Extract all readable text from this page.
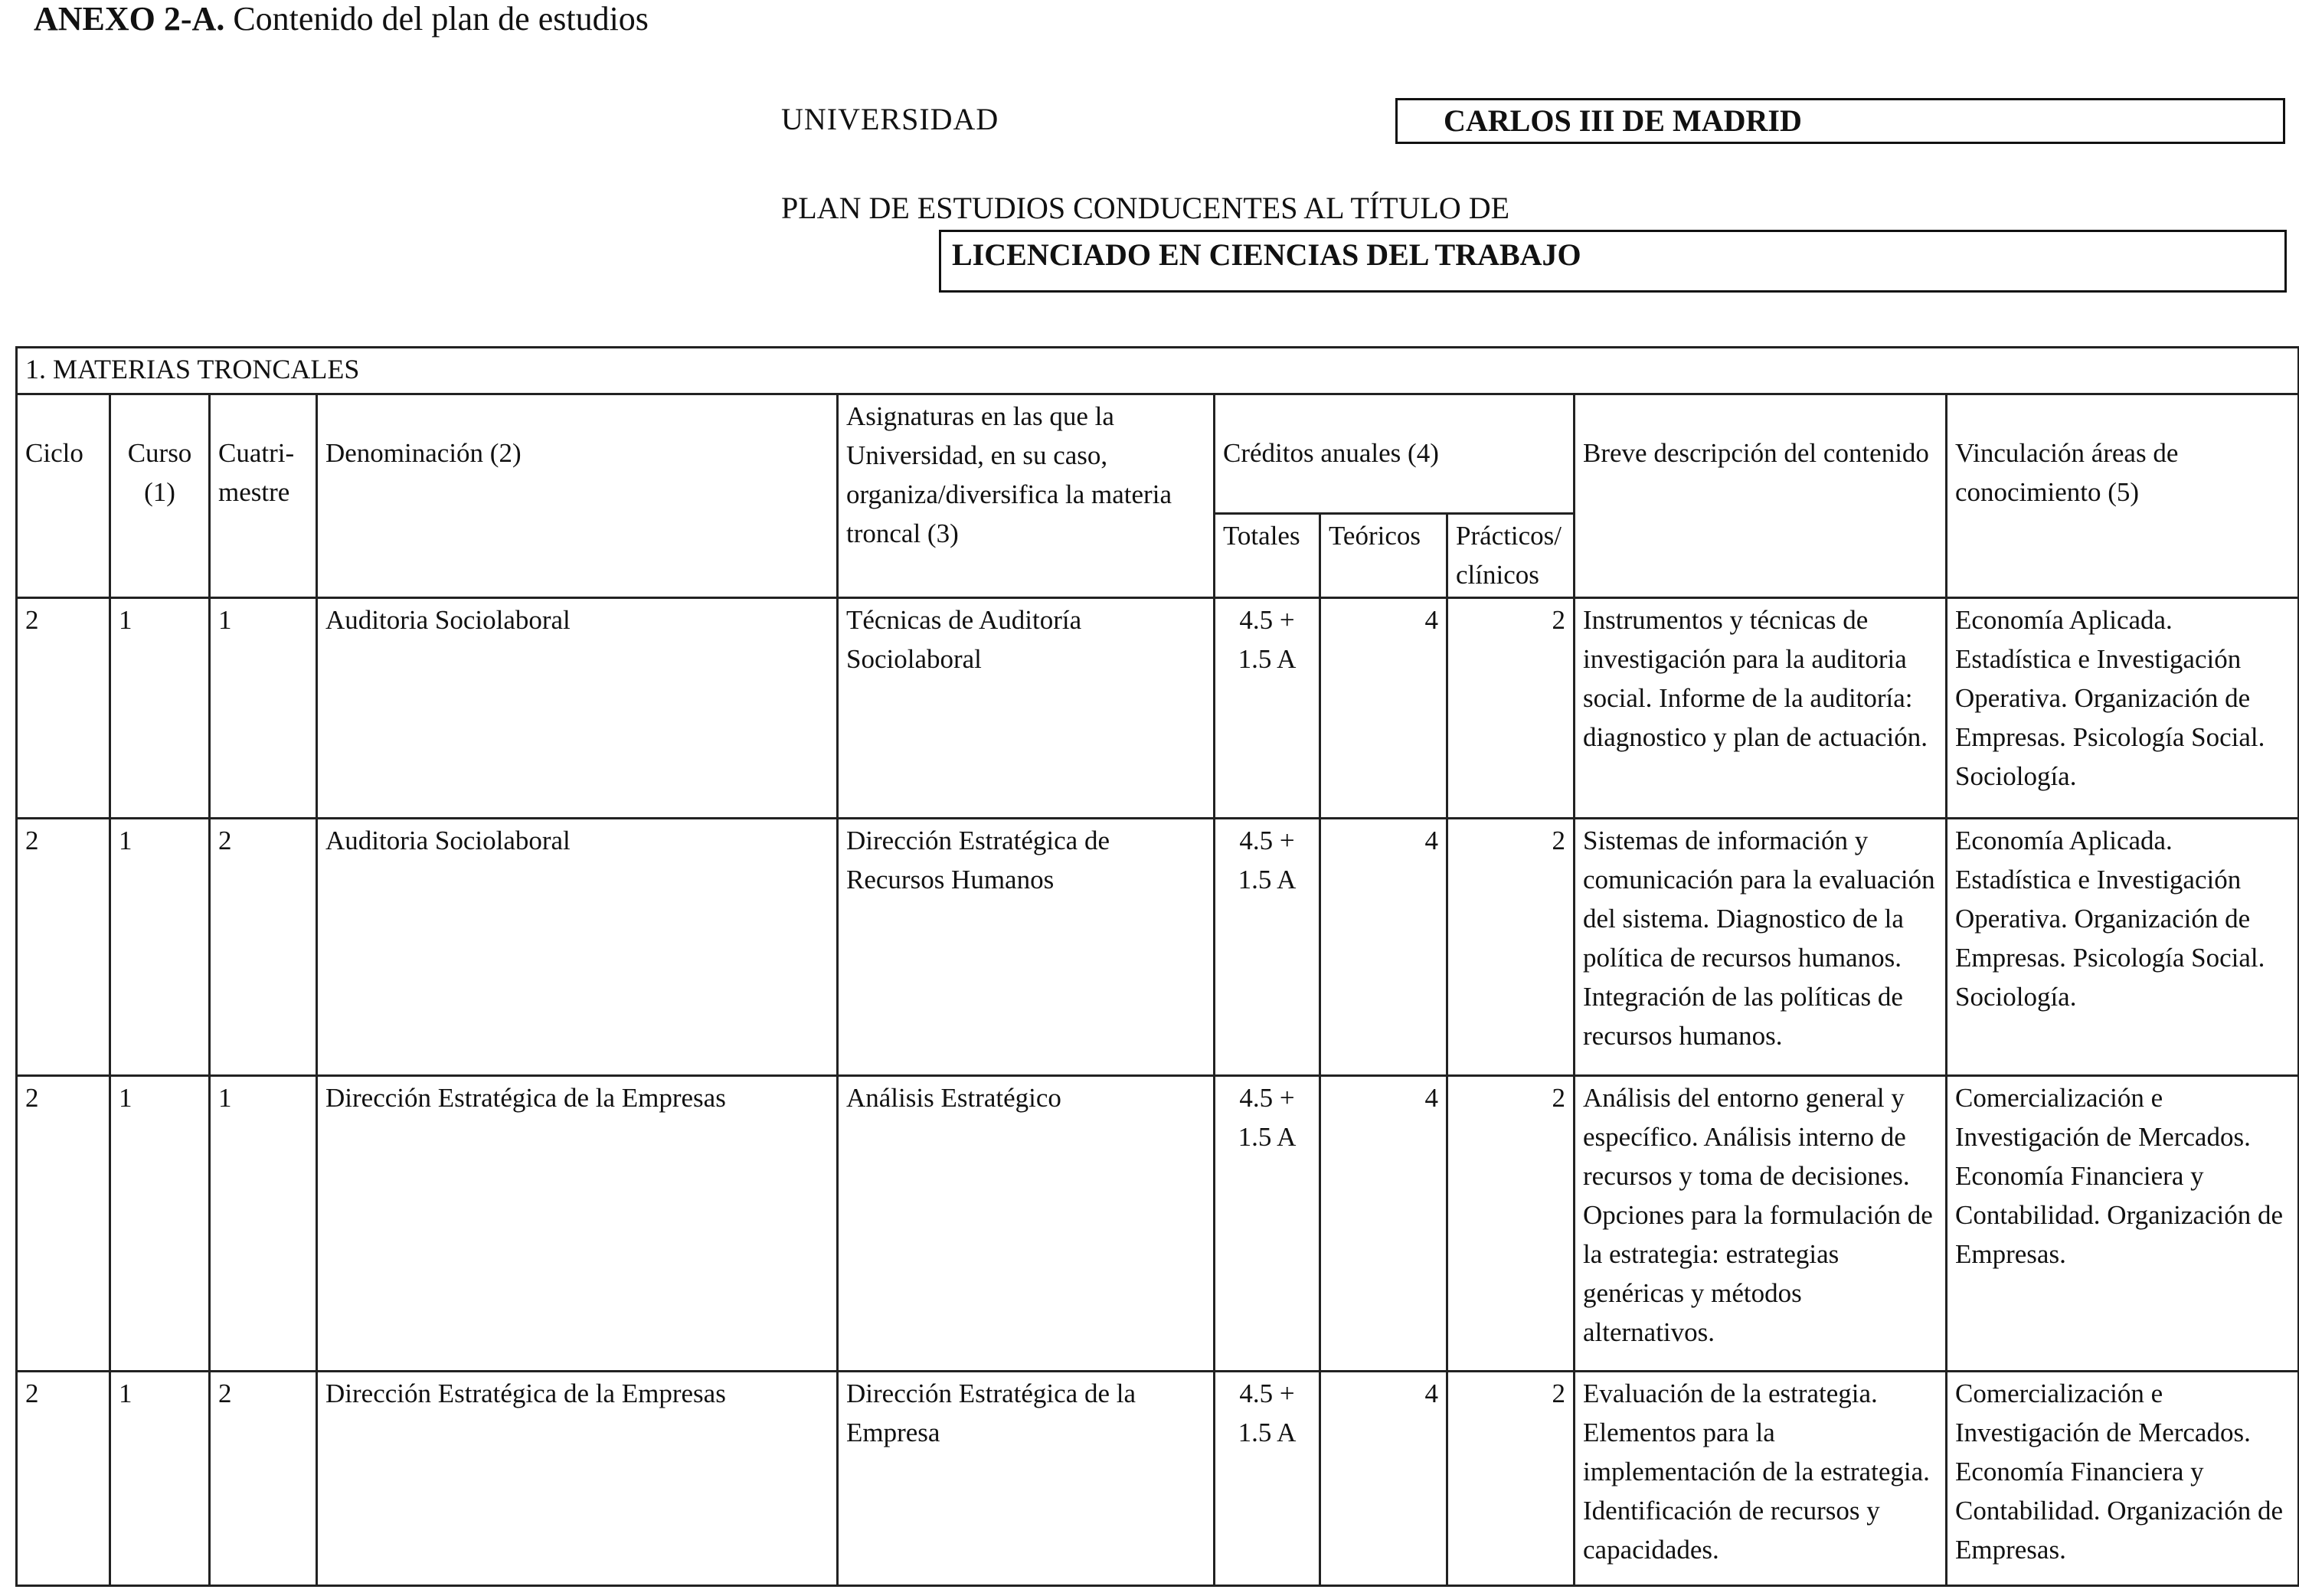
ANEXO 2-A. Contenido del plan de estudios
UNIVERSIDAD	CARLOS III DE MADRID
PLAN DE ESTUDIOS CONDUCENTES AL TÍTULO DE
LICENCIADO EN CIENCIAS DEL TRABAJO
1. MATERIAS TRONCALES									
Ciclo	Curso (1)	Cuatri- mestre	Denominación (2)	Asignaturas en las que la Universidad, en su caso, organiza/diversifica la materia troncal (3)	Créditos anuales (4)			Breve descripción del contenido	Vinculación áreas de conocimiento (5)
					Totales	Teóricos	Prácticos/ clínicos		
2	1	1	Auditoria Sociolaboral	Técnicas de Auditoría Sociolaboral	4.5 + 1.5 A	4	2	Instrumentos y técnicas de investigación para la auditoria social. Informe de la auditoría: diagnostico y plan de actuación.	Economía Aplicada. Estadística e Investigación Operativa. Organización de Empresas. Psicología Social. Sociología.
2	1	2	Auditoria Sociolaboral	Dirección Estratégica de Recursos Humanos	4.5 + 1.5 A	4	2	Sistemas de información y comunicación para la evaluación del sistema. Diagnostico de la política de recursos humanos. Integración de las políticas de recursos humanos.	Economía Aplicada. Estadística e Investigación Operativa. Organización de Empresas. Psicología Social. Sociología.
2	1	1	Dirección Estratégica de la Empresas	Análisis Estratégico	4.5 + 1.5 A	4	2	Análisis del entorno general y específico. Análisis interno de recursos y toma de decisiones. Opciones para la formulación de la estrategia: estrategias genéricas y métodos alternativos.	Comercialización e Investigación de Mercados. Economía Financiera y Contabilidad. Organización de Empresas.
2	1	2	Dirección Estratégica de la Empresas	Dirección Estratégica de la Empresa	4.5 + 1.5 A	4	2	Evaluación de la estrategia. Elementos para la implementación de la estrategia. Identificación de recursos y capacidades.	Comercialización e Investigación de Mercados. Economía Financiera y Contabilidad. Organización de Empresas.
